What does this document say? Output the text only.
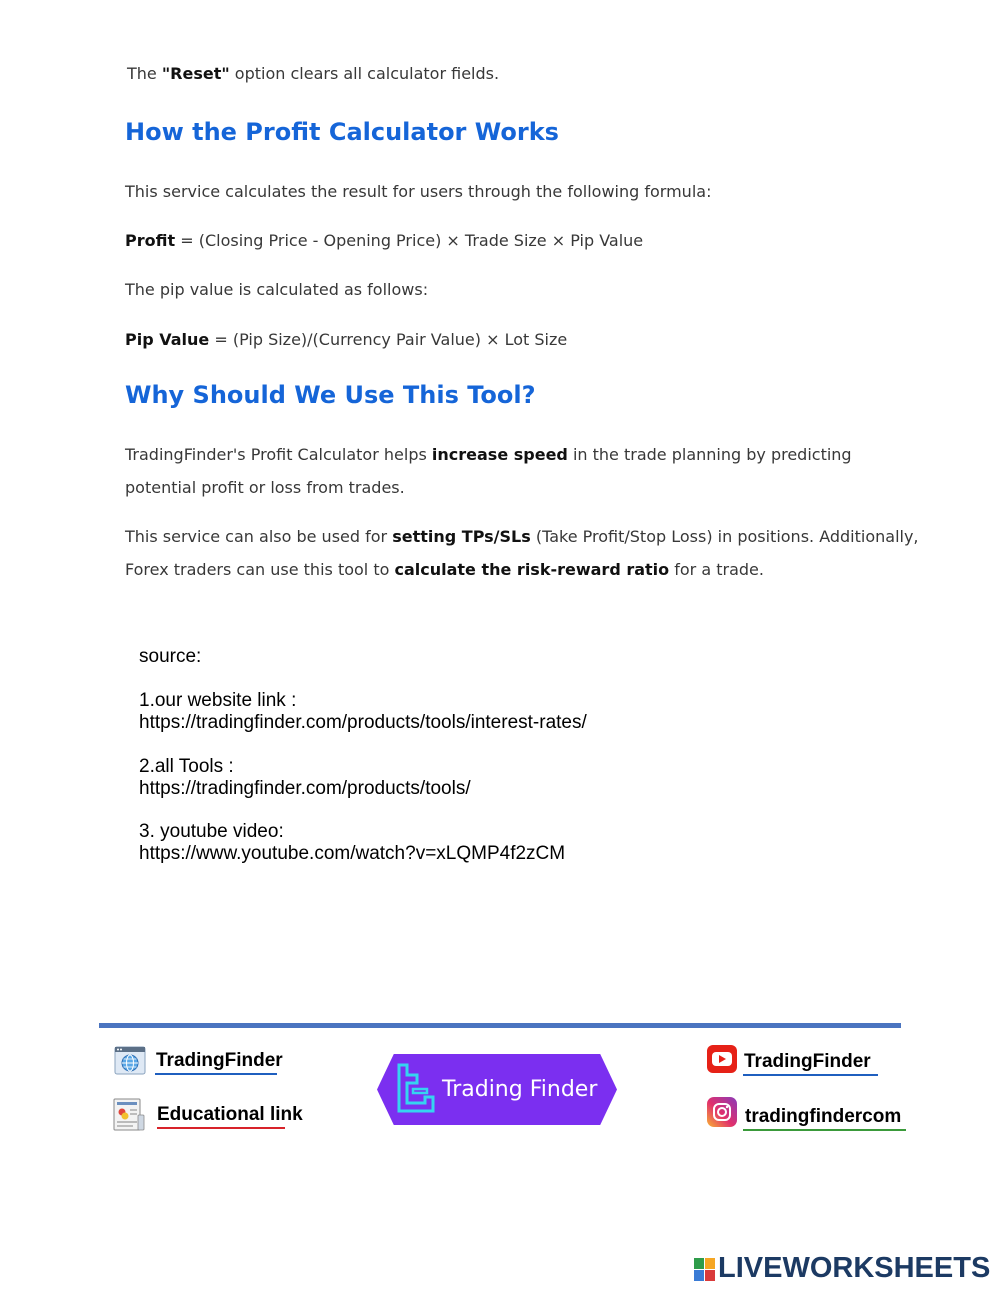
The "Reset" option clears all calculator fields.
How the Profit Calculator Works
This service calculates the result for users through the following formula:
Profit = (Closing Price - Opening Price) × Trade Size × Pip Value
The pip value is calculated as follows:
Pip Value = (Pip Size)/(Currency Pair Value) × Lot Size
Why Should We Use This Tool?
TradingFinder's Profit Calculator helps increase speed in the trade planning by predicting
potential profit or loss from trades.
This service can also be used for setting TPs/SLs (Take Profit/Stop Loss) in positions. Additionally,
Forex traders can use this tool to calculate the risk-reward ratio for a trade.
source:
1.our website link :
https://tradingfinder.com/products/tools/interest-rates/
2.all Tools :
https://tradingfinder.com/products/tools/
3. youtube video:
https://www.youtube.com/watch?v=xLQMP4f2zCM
TradingFinder
Educational link
Trading Finder
TradingFinder
tradingfindercom
LIVEWORKSHEETS
